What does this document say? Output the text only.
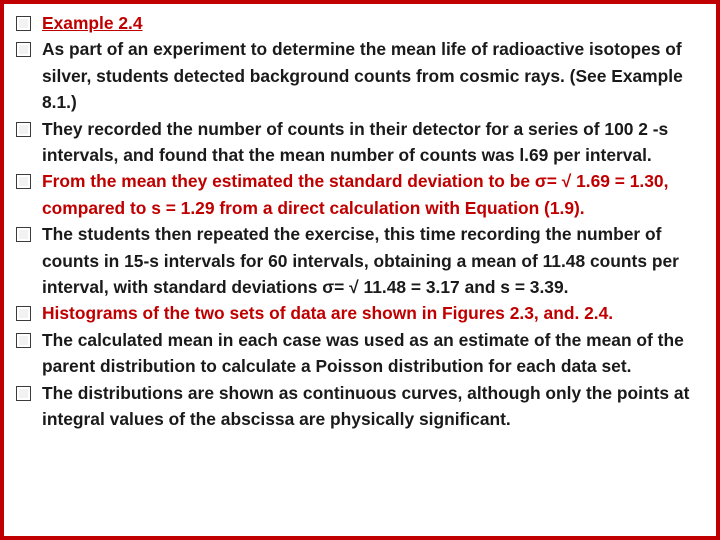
Example 2.4
As part of an experiment to determine the mean life of radioactive isotopes of silver, students detected background counts from cosmic rays. (See Example 8.1.)
They recorded the number of counts in their detector for a series of 100 2 -s intervals, and found that the mean number of counts was l.69 per interval.
From the mean they estimated the standard deviation to be σ= √ 1.69 = 1.30, compared to s = 1.29 from a direct calculation with Equation (1.9).
The students then repeated the exercise, this time recording the number of counts in 15-s intervals for 60 intervals, obtaining a mean of 11.48 counts per interval, with standard deviations σ= √ 11.48 = 3.17 and s = 3.39.
Histograms of the two sets of data are shown in Figures 2.3, and. 2.4.
The calculated mean in each case was used as an estimate of the mean of the parent distribution to calculate a Poisson distribution for each data set.
The distributions are shown as continuous curves, although only the points at integral values of the abscissa are physically significant.
